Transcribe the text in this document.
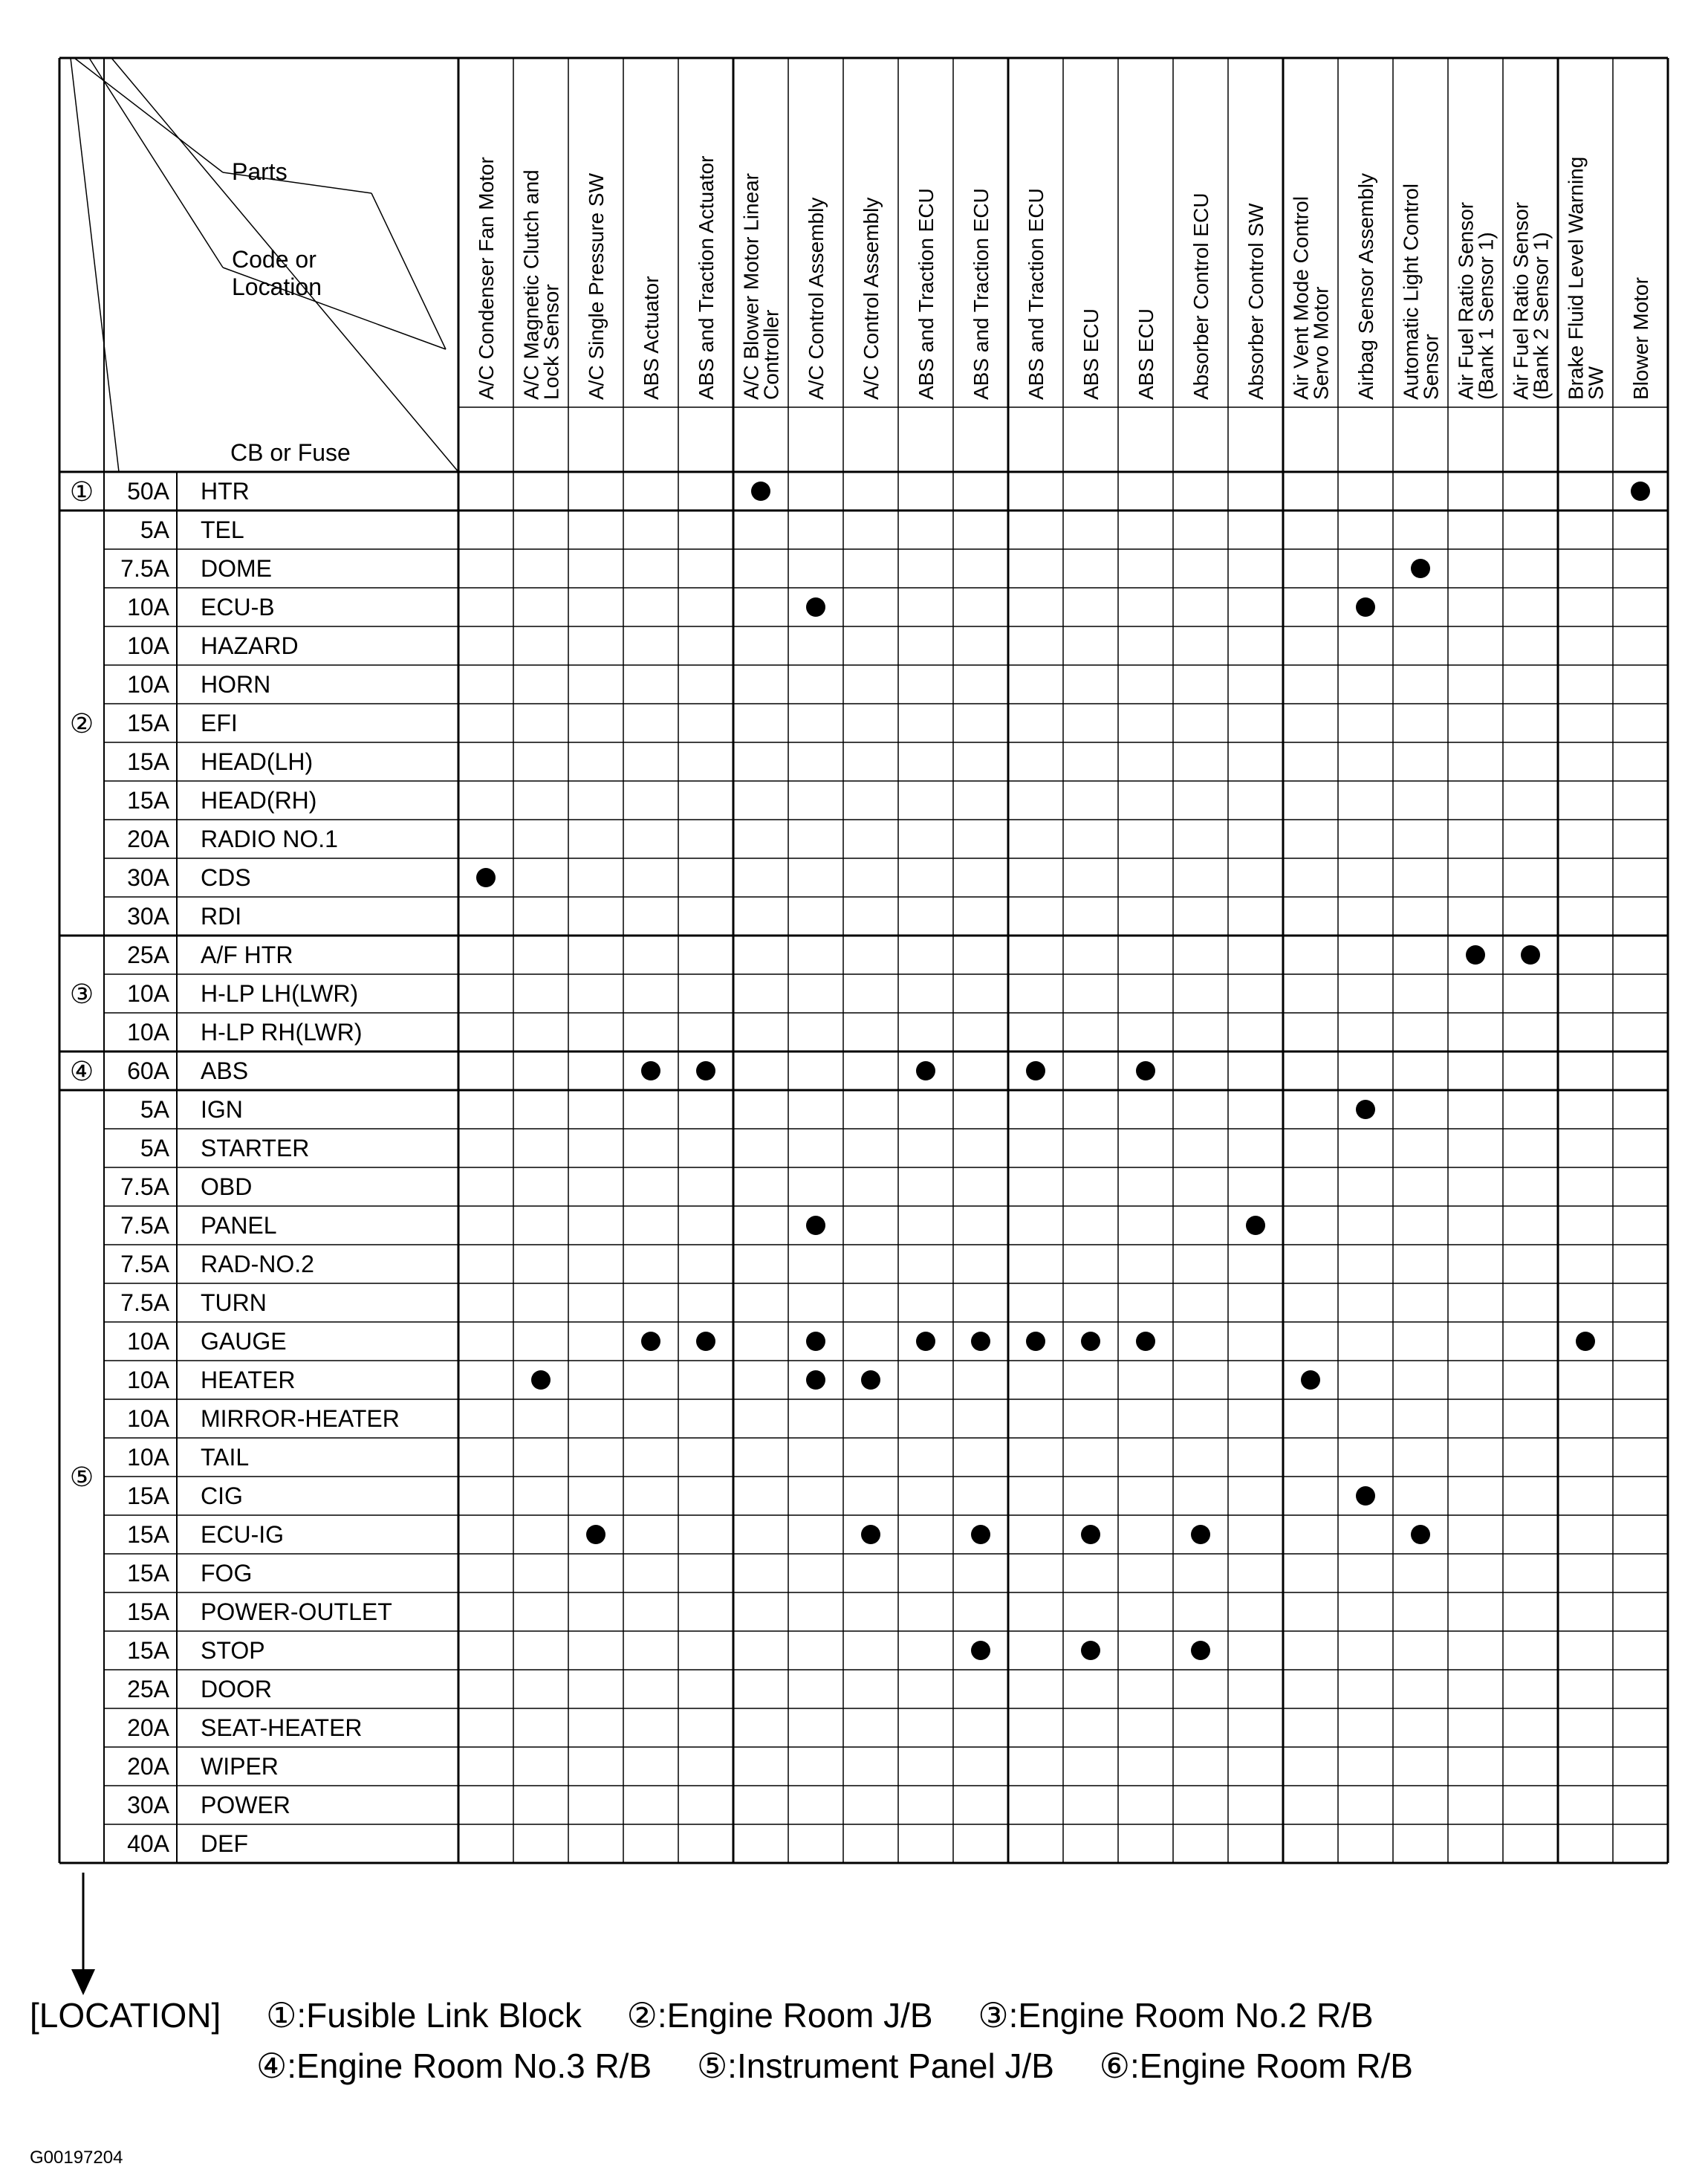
Parts
Code or
Location
CB or Fuse
A/C Condenser Fan Motor A/C Magnetic Clutch and
Lock Sensor A/C Single Pressure SW ABS Actuator ABS and Traction Actuator A/C Blower Motor Linear
Controller A/C Control Assembly A/C Control Assembly ABS and Traction ECU ABS and Traction ECU ABS and Traction ECU ABS ECU ABS ECU Absorber Control ECU Absorber Control SW Air Vent Mode Control
Servo Motor Airbag Sensor Assembly Automatic Light Control
Sensor Air Fuel Ratio Sensor
(Bank 1 Sensor 1) Air Fuel Ratio Sensor
(Bank 2 Sensor 1) Brake Fluid Level Warning
SW Blower Motor
50A HTR
①
5A TEL
7.5A DOME
10A ECU-B
10A HAZARD
10A HORN
15A EFI
15A HEAD(LH)
15A HEAD(RH)
20A RADIO NO.1
30A CDS
30A RDI
②
25A A/F HTR
10A H-LP LH(LWR)
10A H-LP RH(LWR)
③
60A ABS
④
5A IGN
5A STARTER
7.5A OBD
7.5A PANEL
7.5A RAD-NO.2
7.5A TURN
10A GAUGE
10A HEATER
10A MIRROR-HEATER
10A TAIL
15A CIG
15A ECU-IG
15A FOG
15A POWER-OUTLET
15A STOP
25A DOOR
20A SEAT-HEATER
20A WIPER
30A POWER
40A DEF
⑤

[LOCATION] ①:Fusible Link Block ②:Engine Room J/B ③:Engine Room No.2 R/B

④:Engine Room No.3 R/B ⑤:Instrument Panel J/B ⑥:Engine Room R/B

G00197204
